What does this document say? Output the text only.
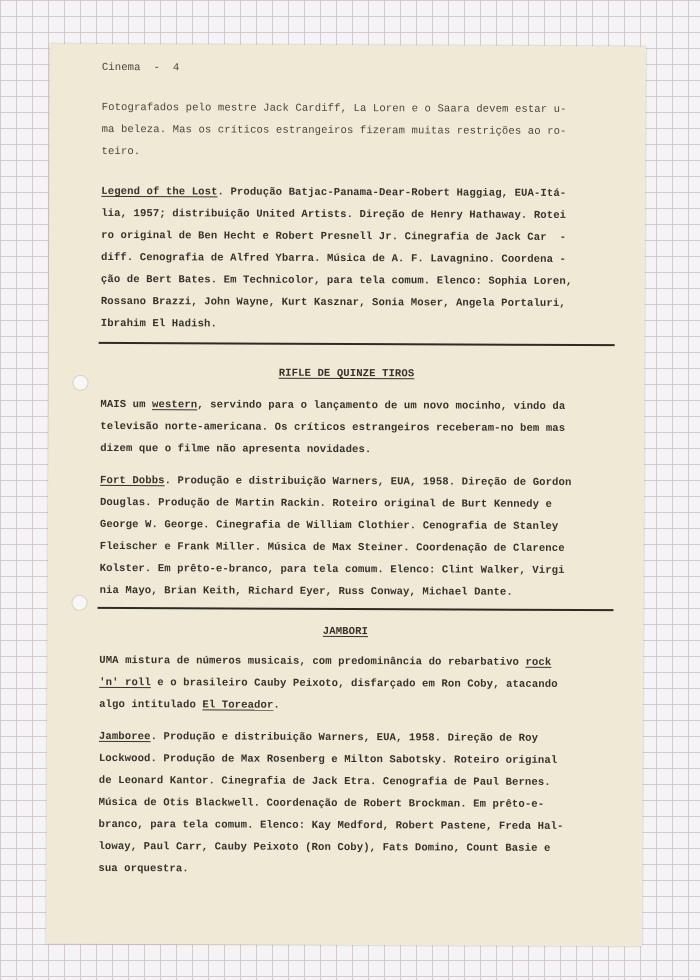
Cinema  -  4

Fotografados pelo mestre Jack Cardiff, La Loren e o Saara devem estar u-

ma beleza. Mas os críticos estrangeiros fizeram muitas restrições ao ro-

teiro.

Legend of the Lost. Produção Batjac-Panama-Dear-Robert Haggiag, EUA-Itá-

lia, 1957; distribuição United Artists. Direção de Henry Hathaway. Rotei

ro original de Ben Hecht e Robert Presnell Jr. Cinegrafia de Jack Car  -

diff. Cenografia de Alfred Ybarra. Música de A. F. Lavagnino. Coordena -

ção de Bert Bates. Em Technicolor, para tela comum. Elenco: Sophia Loren,

Rossano Brazzi, John Wayne, Kurt Kasznar, Sonia Moser, Angela Portaluri,

Ibrahim El Hadish.

RIFLE DE QUINZE TIROS

MAIS um western, servindo para o lançamento de um novo mocinho, vindo da

televisão norte-americana. Os críticos estrangeiros receberam-no bem mas

dizem que o filme não apresenta novidades.

Fort Dobbs. Produção e distribuição Warners, EUA, 1958. Direção de Gordon

Douglas. Produção de Martin Rackin. Roteiro original de Burt Kennedy e

George W. George. Cinegrafia de William Clothier. Cenografia de Stanley

Fleischer e Frank Miller. Música de Max Steiner. Coordenação de Clarence

Kolster. Em prêto-e-branco, para tela comum. Elenco: Clint Walker, Virgi

nia Mayo, Brian Keith, Richard Eyer, Russ Conway, Michael Dante.

JAMBORI

UMA mistura de números musicais, com predominância do rebarbativo rock

'n' roll e o brasileiro Cauby Peixoto, disfarçado em Ron Coby, atacando

algo intitulado El Toreador.

Jamboree. Produção e distribuição Warners, EUA, 1958. Direção de Roy

Lockwood. Produção de Max Rosenberg e Milton Sabotsky. Roteiro original

de Leonard Kantor. Cinegrafia de Jack Etra. Cenografia de Paul Bernes.

Música de Otis Blackwell. Coordenação de Robert Brockman. Em prêto-e-

branco, para tela comum. Elenco: Kay Medford, Robert Pastene, Freda Hal-

loway, Paul Carr, Cauby Peixoto (Ron Coby), Fats Domino, Count Basie e

sua orquestra.
